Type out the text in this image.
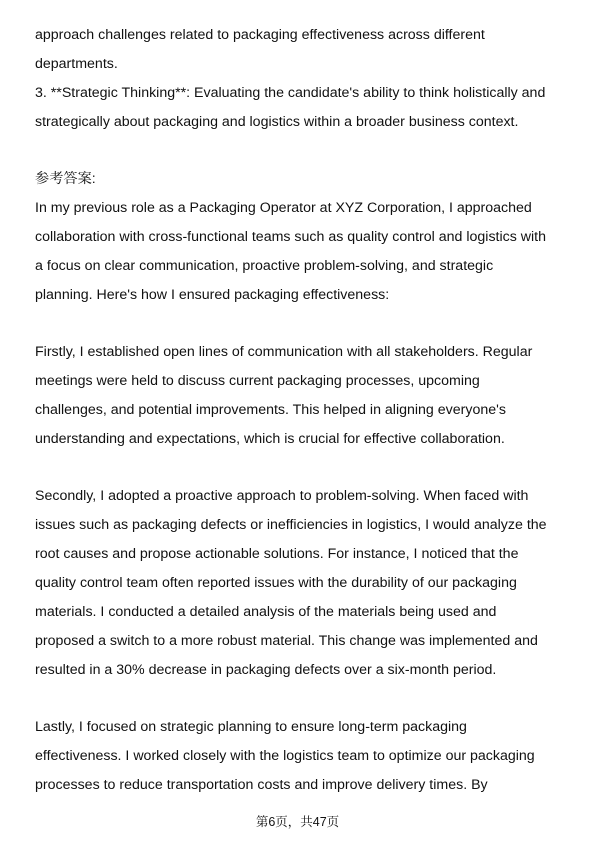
approach challenges related to packaging effectiveness across different
departments.
3. **Strategic Thinking**: Evaluating the candidate's ability to think holistically and
strategically about packaging and logistics within a broader business context.
参考答案:
In my previous role as a Packaging Operator at XYZ Corporation, I approached
collaboration with cross-functional teams such as quality control and logistics with
a focus on clear communication, proactive problem-solving, and strategic
planning. Here's how I ensured packaging effectiveness:
Firstly, I established open lines of communication with all stakeholders. Regular
meetings were held to discuss current packaging processes, upcoming
challenges, and potential improvements. This helped in aligning everyone's
understanding and expectations, which is crucial for effective collaboration.
Secondly, I adopted a proactive approach to problem-solving. When faced with
issues such as packaging defects or inefficiencies in logistics, I would analyze the
root causes and propose actionable solutions. For instance, I noticed that the
quality control team often reported issues with the durability of our packaging
materials. I conducted a detailed analysis of the materials being used and
proposed a switch to a more robust material. This change was implemented and
resulted in a 30% decrease in packaging defects over a six-month period.
Lastly, I focused on strategic planning to ensure long-term packaging
effectiveness. I worked closely with the logistics team to optimize our packaging
processes to reduce transportation costs and improve delivery times. By
第6页，共47页
